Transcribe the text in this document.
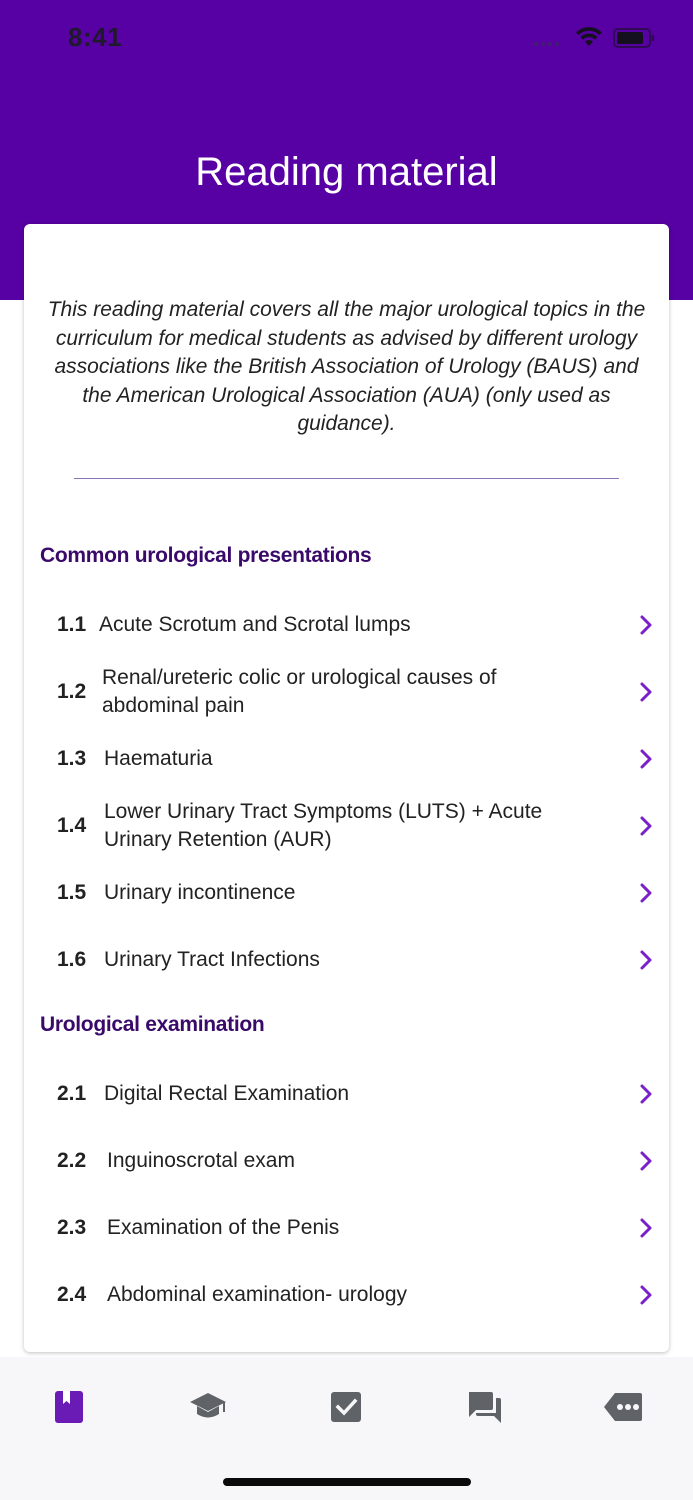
8:41
Reading material

This reading material covers all the major urological topics in the curriculum for medical students as advised by different urology associations like the British Association of Urology (BAUS) and the American Urological Association (AUA) (only used as guidance).

Common urological presentations
1.1 Acute Scrotum and Scrotal lumps
1.2
Renal/ureteric colic or urological causes of abdominal pain
1.3 Haematuria
1.4
Lower Urinary Tract Symptoms (LUTS) + Acute Urinary Retention (AUR)
1.5 Urinary incontinence
1.6 Urinary Tract Infections
Urological examination
2.1 Digital Rectal Examination
2.2 Inguinoscrotal exam
2.3 Examination of the Penis
2.4 Abdominal examination- urology
